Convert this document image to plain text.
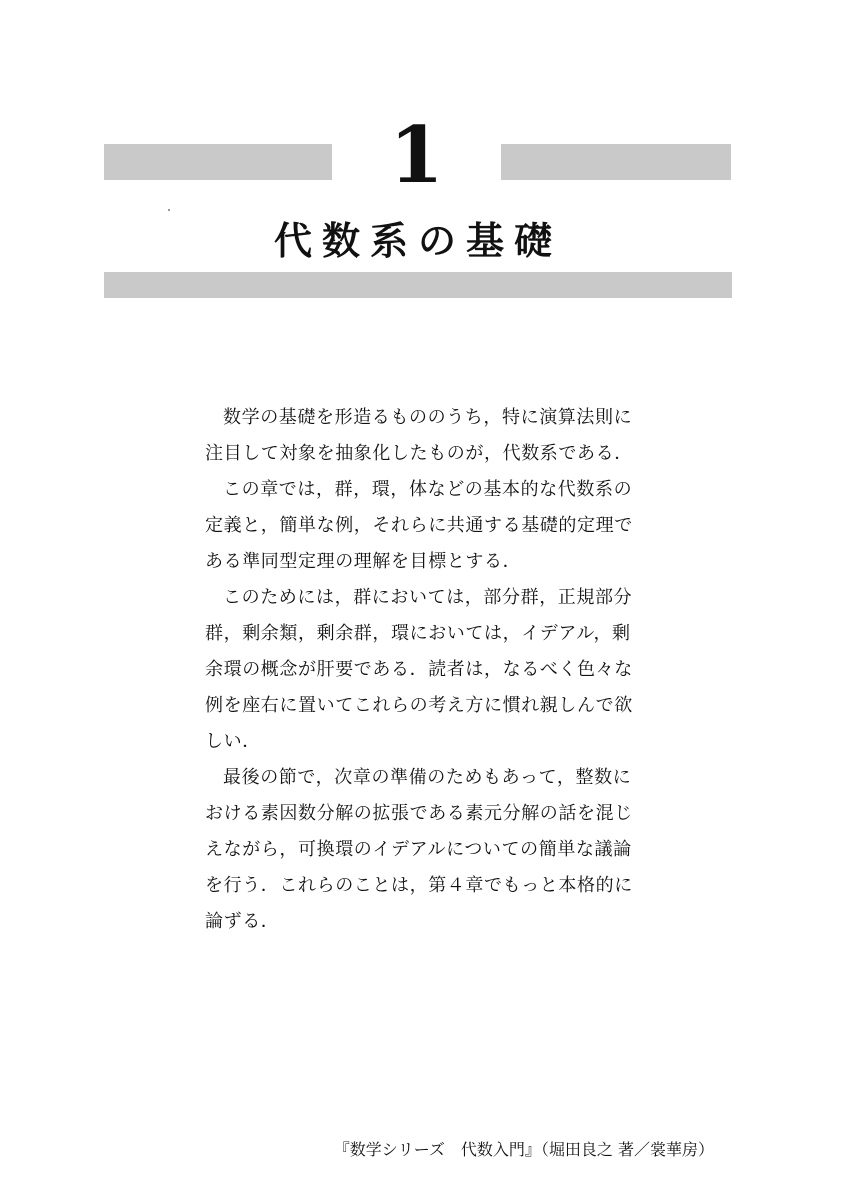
1
代数系の基礎

数学の基礎を形造るもののうち，特に演算法則に注目して対象を抽象化したものが，代数系である．

この章では，群，環，体などの基本的な代数系の定義と，簡単な例，それらに共通する基礎的定理である準同型定理の理解を目標とする．

このためには，群においては，部分群，正規部分群，剰余類，剰余群，環においては，イデアル，剰余環の概念が肝要である．読者は，なるべく色々な例を座右に置いてこれらの考え方に慣れ親しんで欲しい．

最後の節で，次章の準備のためもあって，整数における素因数分解の拡張である素元分解の話を混じえながら，可換環のイデアルについての簡単な議論を行う．これらのことは，第４章でもっと本格的に論ずる．

『数学シリーズ　代数入門』（堀田良之 著／裳華房）
